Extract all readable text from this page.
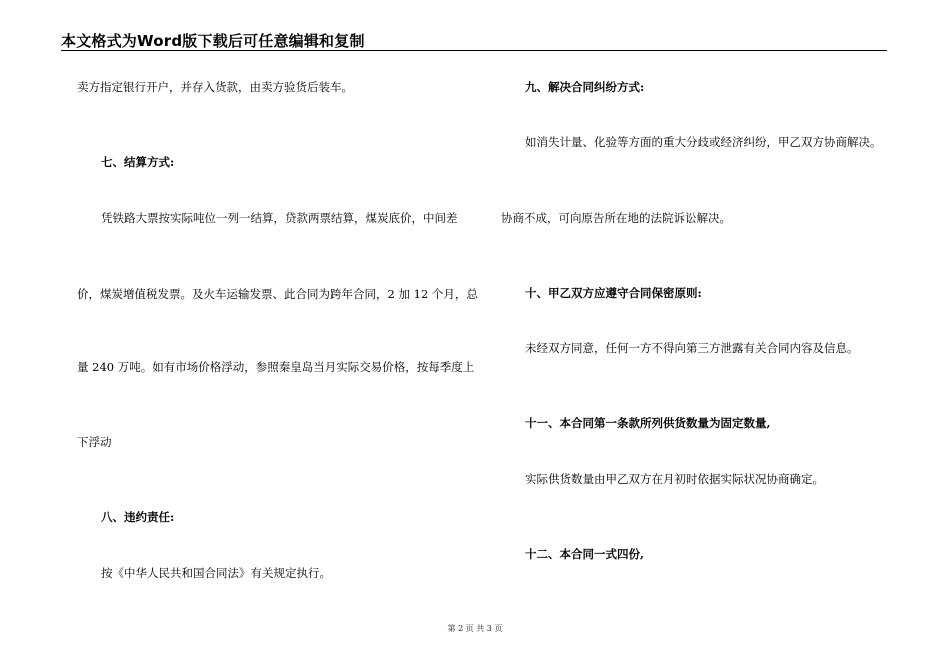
本文格式为Word版下载后可任意编辑和复制
卖方指定银行开户，并存入货款，由卖方验货后装车。
七、结算方式:
凭铁路大票按实际吨位一列一结算，贷款两票结算，煤炭底价，中间差
价，煤炭增值税发票。及火车运输发票、此合同为跨年合同，2 加 12 个月，总
量 240 万吨。如有市场价格浮动，参照秦皇岛当月实际交易价格，按每季度上
下浮动
八、违约责任:
按《中华人民共和国合同法》有关规定执行。
九、解决合同纠纷方式:
如消失计量、化验等方面的重大分歧或经济纠纷，甲乙双方协商解决。
协商不成，可向原告所在地的法院诉讼解决。
十、甲乙双方应遵守合同保密原则:
未经双方同意，任何一方不得向第三方泄露有关合同内容及信息。
十一、本合同第一条款所列供货数量为固定数量,
实际供货数量由甲乙双方在月初时依据实际状况协商确定。
十二、本合同一式四份,
第 2 页 共 3 页
